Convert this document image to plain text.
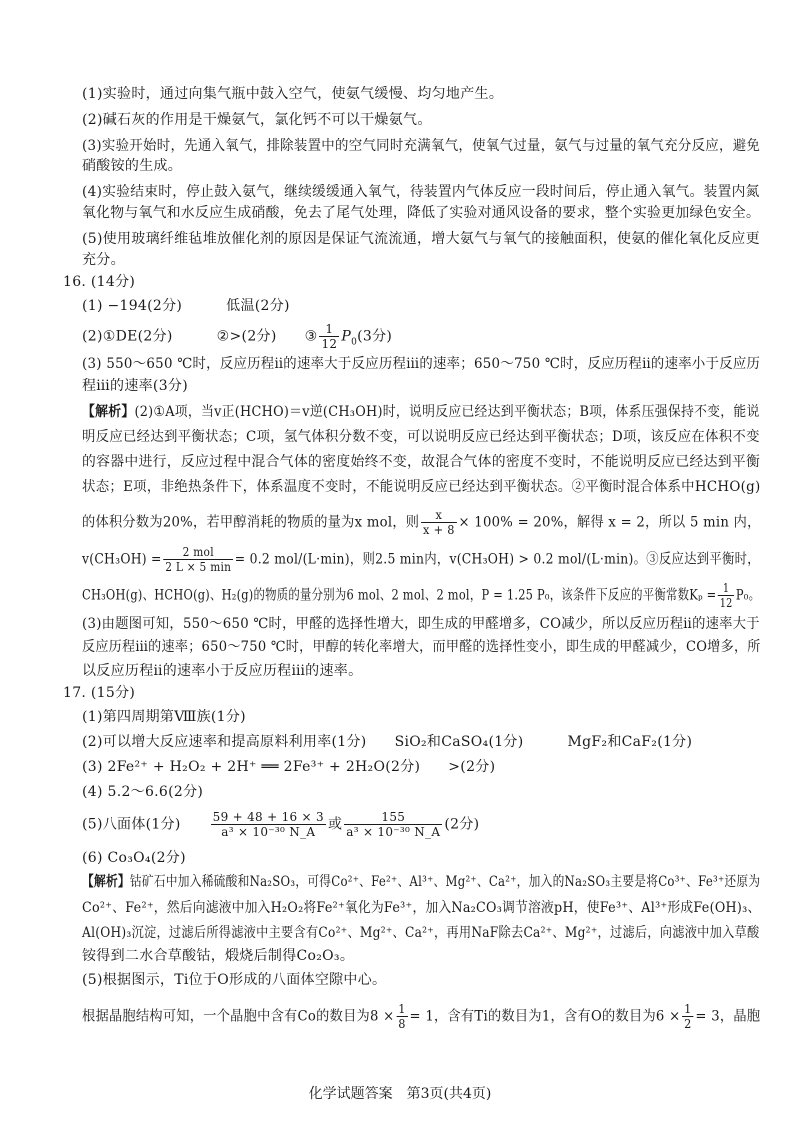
(1)实验时，通过向集气瓶中鼓入空气，使氨气缓慢、均匀地产生。
(2)碱石灰的作用是干燥氨气，氯化钙不可以干燥氨气。
(3)实验开始时，先通入氧气，排除装置中的空气同时充满氧气，使氧气过量，氨气与过量的氧气充分反应，避免
硝酸铵的生成。
(4)实验结束时，停止鼓入氨气，继续缓缓通入氧气，待装置内气体反应一段时间后，停止通入氧气。装置内氮
氧化物与氧气和水反应生成硝酸，免去了尾气处理，降低了实验对通风设备的要求，整个实验更加绿色安全。
(5)使用玻璃纤维毡堆放催化剂的原因是保证气流流通，增大氨气与氧气的接触面积，使氨的催化氧化反应更
充分。
16. (14分)
(1) −194(2分)	低温(2分)
(2)①DE(2分)	②>(2分) ③ $\frac{1}{12} P_0(3$分)
(3) 550～650 ℃时，反应历程ⅱ的速率大于反应历程ⅲ的速率；650～750 ℃时，反应历程ⅱ的速率小于反应历
程ⅲ的速率(3分)
【解析】(2)①A项，当v正(HCHO)＝v逆(CH₃OH)时，说明反应已经达到平衡状态；B项，体系压强保持不变，能说
明反应已经达到平衡状态；C项，氢气体积分数不变，可以说明反应已经达到平衡状态；D项，该反应在体积不变
的容器中进行，反应过程中混合气体的密度始终不变，故混合气体的密度不变时，不能说明反应已经达到平衡
状态；E项，非绝热条件下，体系温度不变时，不能说明反应已经达到平衡状态。②平衡时混合体系中HCHO(g)
的体积分数为20%，若甲醇消耗的物质的量为x mol，则 $\frac{x}{x + 8} \times 100\% = 20\%$，解得 x = 2，所以 5 min 内，
$v(CH_3OH) = \frac{\text{2 mol}}{2 L \times 5 \min} = 0.2$ mol/(L·min)，则2.5 min内，v(CH₃OH) > 0.2 mol/(L·min)。③反应达到平衡时，
CH₃OH(g)、HCHO(g)、H₂(g)的物质的量分别为6 mol、2 mol、2 mol，P = 1.25 P₀，该条件下反应的平衡常数$K_p = \frac{1}{12} P_0$。
(3)由题图可知，550～650 ℃时，甲醛的选择性增大，即生成的甲醛增多，CO减少，所以反应历程ⅱ的速率大于
反应历程ⅲ的速率；650～750 ℃时，甲醇的转化率增大，而甲醛的选择性变小，即生成的甲醛减少，CO增多，所
以反应历程ⅱ的速率小于反应历程ⅲ的速率。
17. (15分)
(1)第四周期第Ⅷ族(1分)
(2)可以增大反应速率和提高原料利用率(1分) SiO₂和CaSO₄(1分)	MgF₂和CaF₂(1分)
(3) 2Fe²⁺ + H₂O₂ + 2H⁺ ══ 2Fe³⁺ + 2H₂O(2分) >(2分)
(4) 5.2～6.6(2分)
(5)八面体(1分)	$\frac{59 + 48 + 16 \times 3}{\text{a³ × 10⁻³⁰ N\_A}}$ 或 $\frac{155}{\text{a³ × 10⁻³⁰ N\_A}} (2$分)
(6) Co₃O₄(2分)
【解析】钴矿石中加入稀硫酸和Na₂SO₃，可得Co²⁺、Fe²⁺、Al³⁺、Mg²⁺、Ca²⁺，加入的Na₂SO₃主要是将Co³⁺、Fe³⁺还原为
Co²⁺、Fe²⁺，然后向滤液中加入H₂O₂将Fe²⁺氧化为Fe³⁺，加入Na₂CO₃调节溶液pH，使Fe³⁺、Al³⁺形成Fe(OH)₃、
Al(OH)₃沉淀，过滤后所得滤液中主要含有Co²⁺、Mg²⁺、Ca²⁺，再用NaF除去Ca²⁺、Mg²⁺，过滤后，向滤液中加入草酸
铵得到二水合草酸钴，煅烧后制得Co₂O₃。
(5)根据图示，Ti位于O形成的八面体空隙中心。
根据晶胞结构可知，一个晶胞中含有Co的数目为$8 \times \frac{1}{8} = 1$，含有Ti的数目为1，含有O的数目为$6 \times \frac{1}{2} = 3$，晶胞
化学试题答案　第3页(共4页)
